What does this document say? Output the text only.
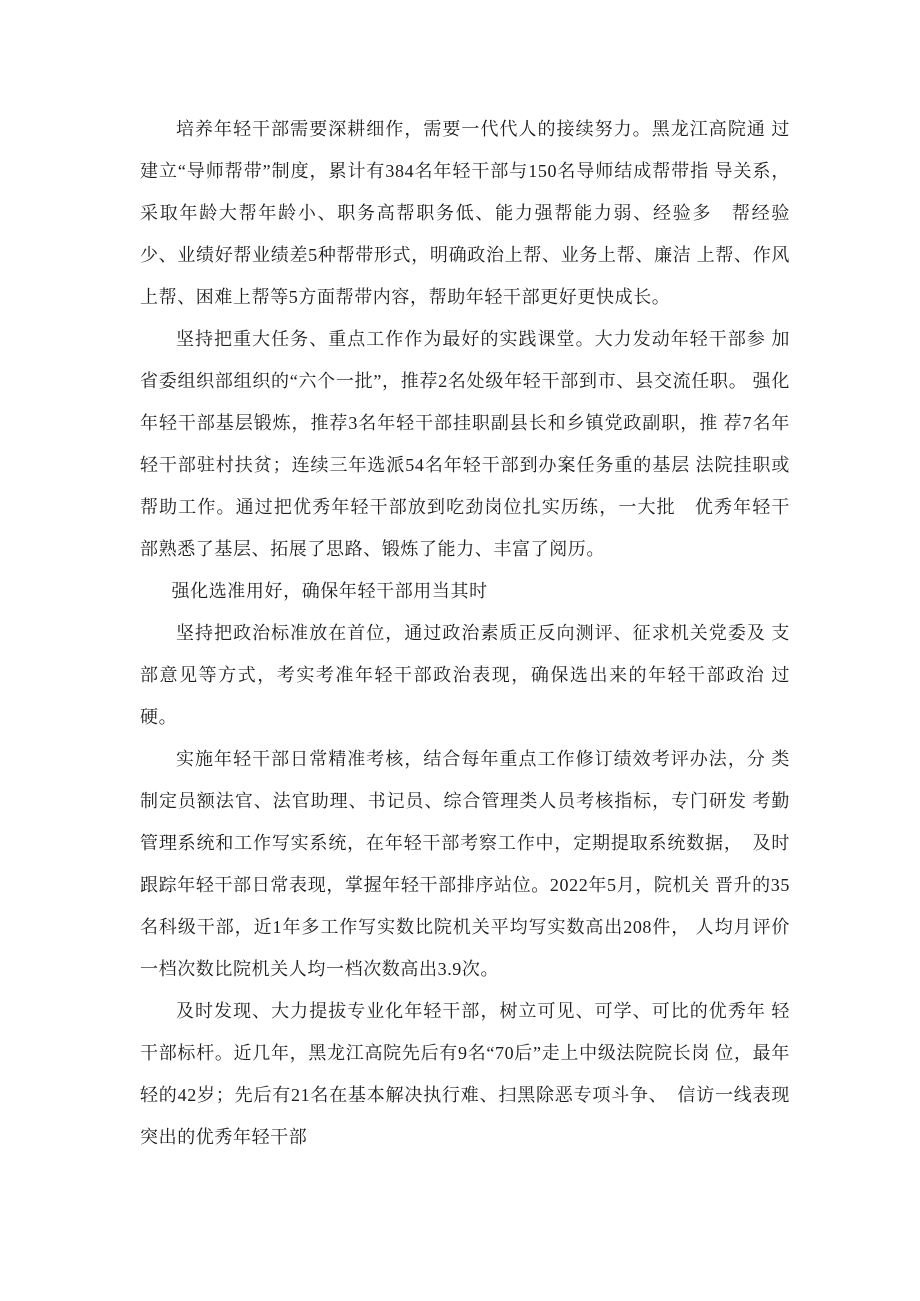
培养年轻干部需要深耕细作，需要一代代人的接续努力。黑龙江高院通 过建立“导师帮带”制度，累计有384名年轻干部与150名导师结成帮带指 导关系，采取年龄大帮年龄小、职务高帮职务低、能力强帮能力弱、经验多　帮经验少、业绩好帮业绩差5种帮带形式，明确政治上帮、业务上帮、廉洁 上帮、作风上帮、困难上帮等5方面帮带内容，帮助年轻干部更好更快成长。

坚持把重大任务、重点工作作为最好的实践课堂。大力发动年轻干部参 加省委组织部组织的“六个一批”，推荐2名处级年轻干部到市、县交流任职。 强化年轻干部基层锻炼，推荐3名年轻干部挂职副县长和乡镇党政副职，推 荐7名年轻干部驻村扶贫；连续三年选派54名年轻干部到办案任务重的基层 法院挂职或帮助工作。通过把优秀年轻干部放到吃劲岗位扎实历练，一大批　优秀年轻干部熟悉了基层、拓展了思路、锻炼了能力、丰富了阅历。

强化选准用好，确保年轻干部用当其时

坚持把政治标准放在首位，通过政治素质正反向测评、征求机关党委及 支部意见等方式，考实考准年轻干部政治表现，确保选出来的年轻干部政治 过硬。

实施年轻干部日常精准考核，结合每年重点工作修订绩效考评办法，分 类制定员额法官、法官助理、书记员、综合管理类人员考核指标，专门研发 考勤管理系统和工作写实系统，在年轻干部考察工作中，定期提取系统数据，　及时跟踪年轻干部日常表现，掌握年轻干部排序站位。2022年5月，院机关 晋升的35名科级干部，近1年多工作写实数比院机关平均写实数高出208件， 人均月评价一档次数比院机关人均一档次数高出3.9次。

及时发现、大力提拔专业化年轻干部，树立可见、可学、可比的优秀年 轻干部标杆。近几年，黑龙江高院先后有9名“70后”走上中级法院院长岗 位，最年轻的42岁；先后有21名在基本解决执行难、扫黑除恶专项斗争、　信访一线表现突出的优秀年轻干部
